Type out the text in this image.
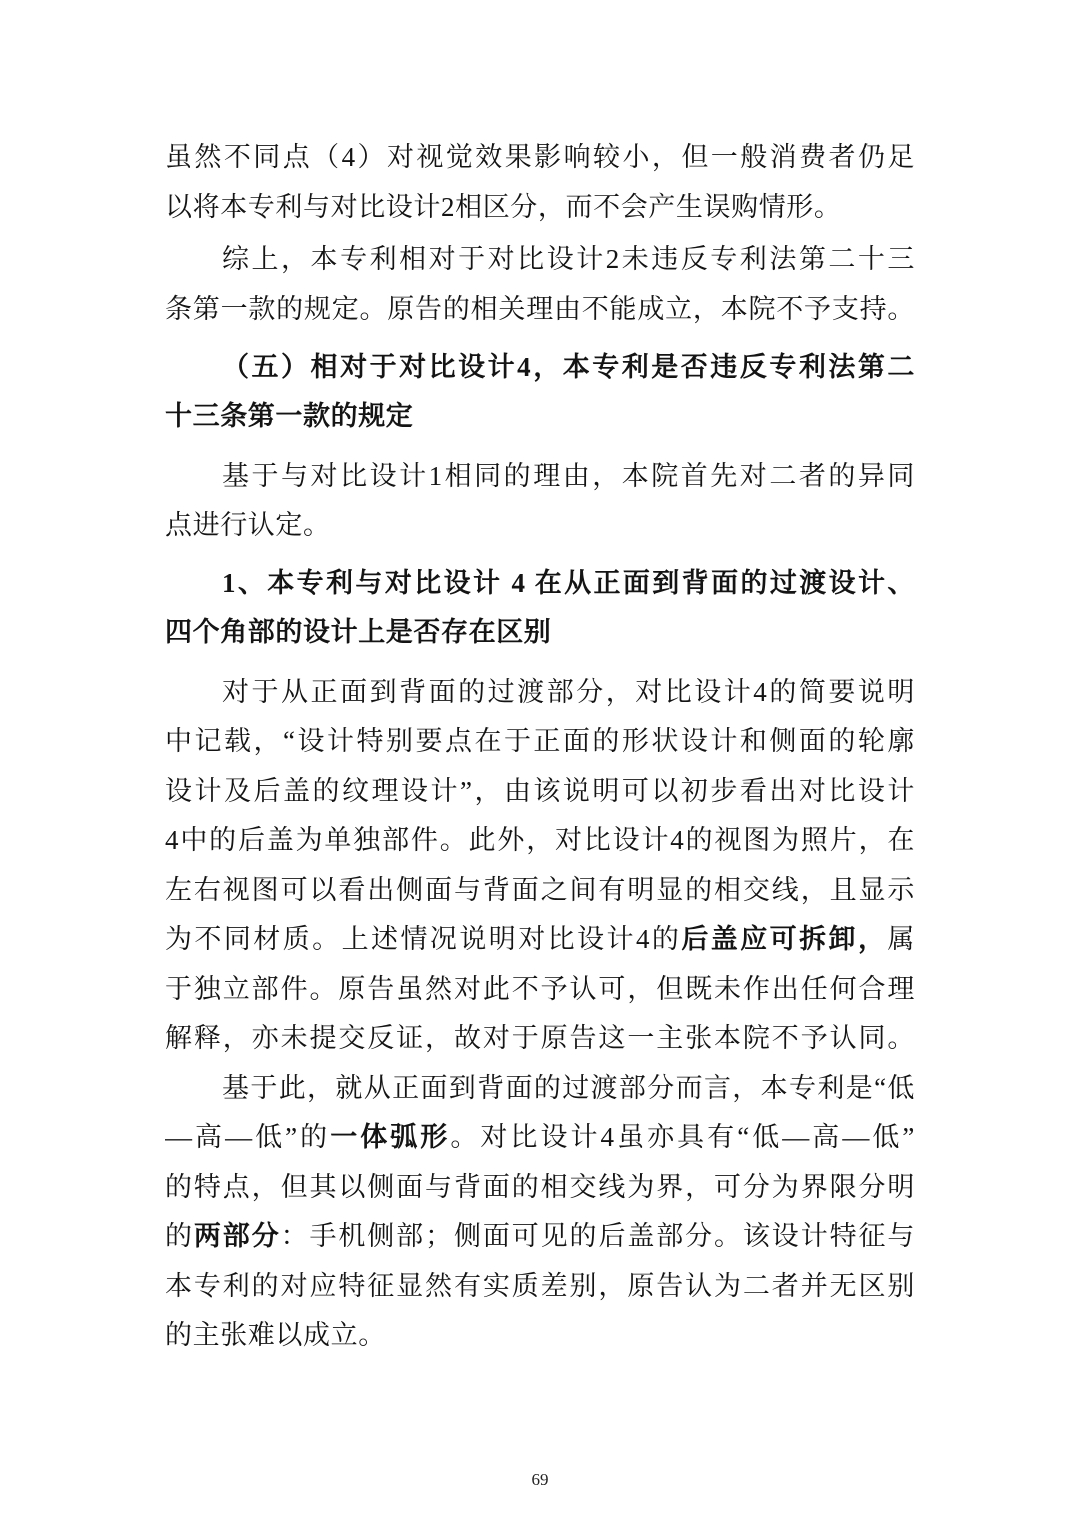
虽然不同点（4）对视觉效果影响较小，但一般消费者仍足
以将本专利与对比设计2相区分，而不会产生误购情形。
综上，本专利相对于对比设计2未违反专利法第二十三
条第一款的规定。原告的相关理由不能成立，本院不予支持。
（五）相对于对比设计4，本专利是否违反专利法第二
十三条第一款的规定
基于与对比设计1相同的理由，本院首先对二者的异同
点进行认定。
1、本专利与对比设计 4 在从正面到背面的过渡设计、
四个角部的设计上是否存在区别
对于从正面到背面的过渡部分，对比设计4的简要说明
中记载，“设计特别要点在于正面的形状设计和侧面的轮廓
设计及后盖的纹理设计”，由该说明可以初步看出对比设计
4中的后盖为单独部件。此外，对比设计4的视图为照片，在
左右视图可以看出侧面与背面之间有明显的相交线，且显示
为不同材质。上述情况说明对比设计4的后盖应可拆卸，属
于独立部件。原告虽然对此不予认可，但既未作出任何合理
解释，亦未提交反证，故对于原告这一主张本院不予认同。
基于此，就从正面到背面的过渡部分而言，本专利是“低
—高—低”的一体弧形。对比设计4虽亦具有“低—高—低”
的特点，但其以侧面与背面的相交线为界，可分为界限分明
的两部分：手机侧部；侧面可见的后盖部分。该设计特征与
本专利的对应特征显然有实质差别，原告认为二者并无区别
的主张难以成立。
69
